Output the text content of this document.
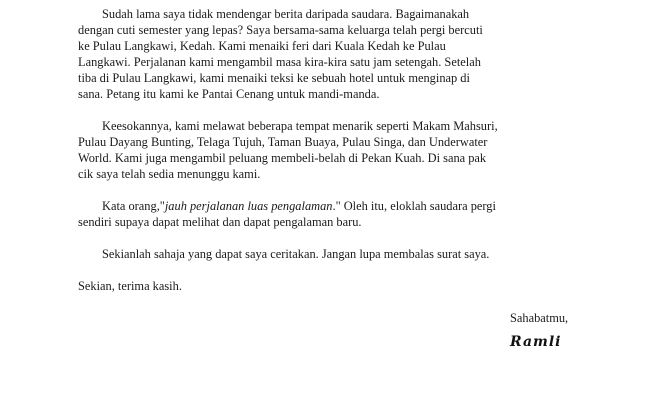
Sudah lama saya tidak mendengar berita daripada saudara. Bagaimanakah
dengan cuti semester yang lepas? Saya bersama-sama keluarga telah pergi bercuti
ke Pulau Langkawi, Kedah. Kami menaiki feri dari Kuala Kedah ke Pulau
Langkawi. Perjalanan kami mengambil masa kira-kira satu jam setengah. Setelah
tiba di Pulau Langkawi, kami menaiki teksi ke sebuah hotel untuk menginap di
sana. Petang itu kami ke Pantai Cenang untuk mandi-manda.
Keesokannya, kami melawat beberapa tempat menarik seperti Makam Mahsuri,
Pulau Dayang Bunting, Telaga Tujuh, Taman Buaya, Pulau Singa, dan Underwater
World. Kami juga mengambil peluang membeli-belah di Pekan Kuah. Di sana pak
cik saya telah sedia menunggu kami.
Kata orang,"jauh perjalanan luas pengalaman." Oleh itu, eloklah saudara pergi
sendiri supaya dapat melihat dan dapat pengalaman baru.
Sekianlah sahaja yang dapat saya ceritakan. Jangan lupa membalas surat saya.
Sekian, terima kasih.
Sahabatmu,
Ramli
